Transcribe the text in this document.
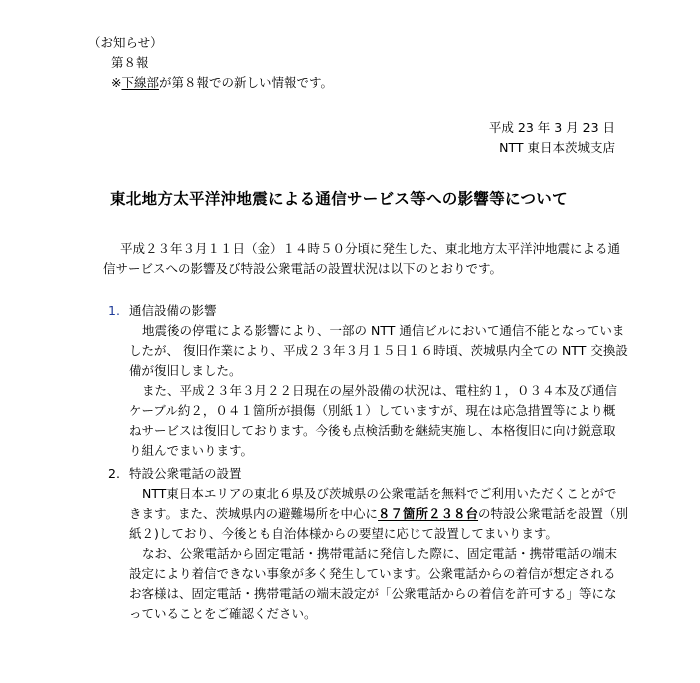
（お知らせ）
第８報
※下線部が第８報での新しい情報です。
平成 23 年 3 月 23 日
NTT 東日本茨城支店
東北地方太平洋沖地震による通信サービス等への影響等について
平成２３年３月１１日（金）１４時５０分頃に発生した、東北地方太平洋沖地震による通
信サービスへの影響及び特設公衆電話の設置状況は以下のとおりです。
1. 通信設備の影響
地震後の停電による影響により、一部の NTT 通信ビルにおいて通信不能となっていま
したが、 復旧作業により、平成２３年３月１５日１６時頃、茨城県内全ての NTT 交換設
備が復旧しました。
また、平成２３年３月２２日現在の屋外設備の状況は、電柱約１，０３４本及び通信
ケーブル約２，０４１箇所が損傷（別紙１）していますが、現在は応急措置等により概
ねサービスは復旧しております。今後も点検活動を継続実施し、本格復旧に向け鋭意取
り組んでまいります。
2. 特設公衆電話の設置
NTT東日本エリアの東北６県及び茨城県の公衆電話を無料でご利用いただくことがで
きます。また、茨城県内の避難場所を中心に８７箇所２３８台の特設公衆電話を設置（別
紙２)しており、今後とも自治体様からの要望に応じて設置してまいります。
なお、公衆電話から固定電話・携帯電話に発信した際に、固定電話・携帯電話の端末
設定により着信できない事象が多く発生しています。公衆電話からの着信が想定される
お客様は、固定電話・携帯電話の端末設定が「公衆電話からの着信を許可する」等にな
っていることをご確認ください。
